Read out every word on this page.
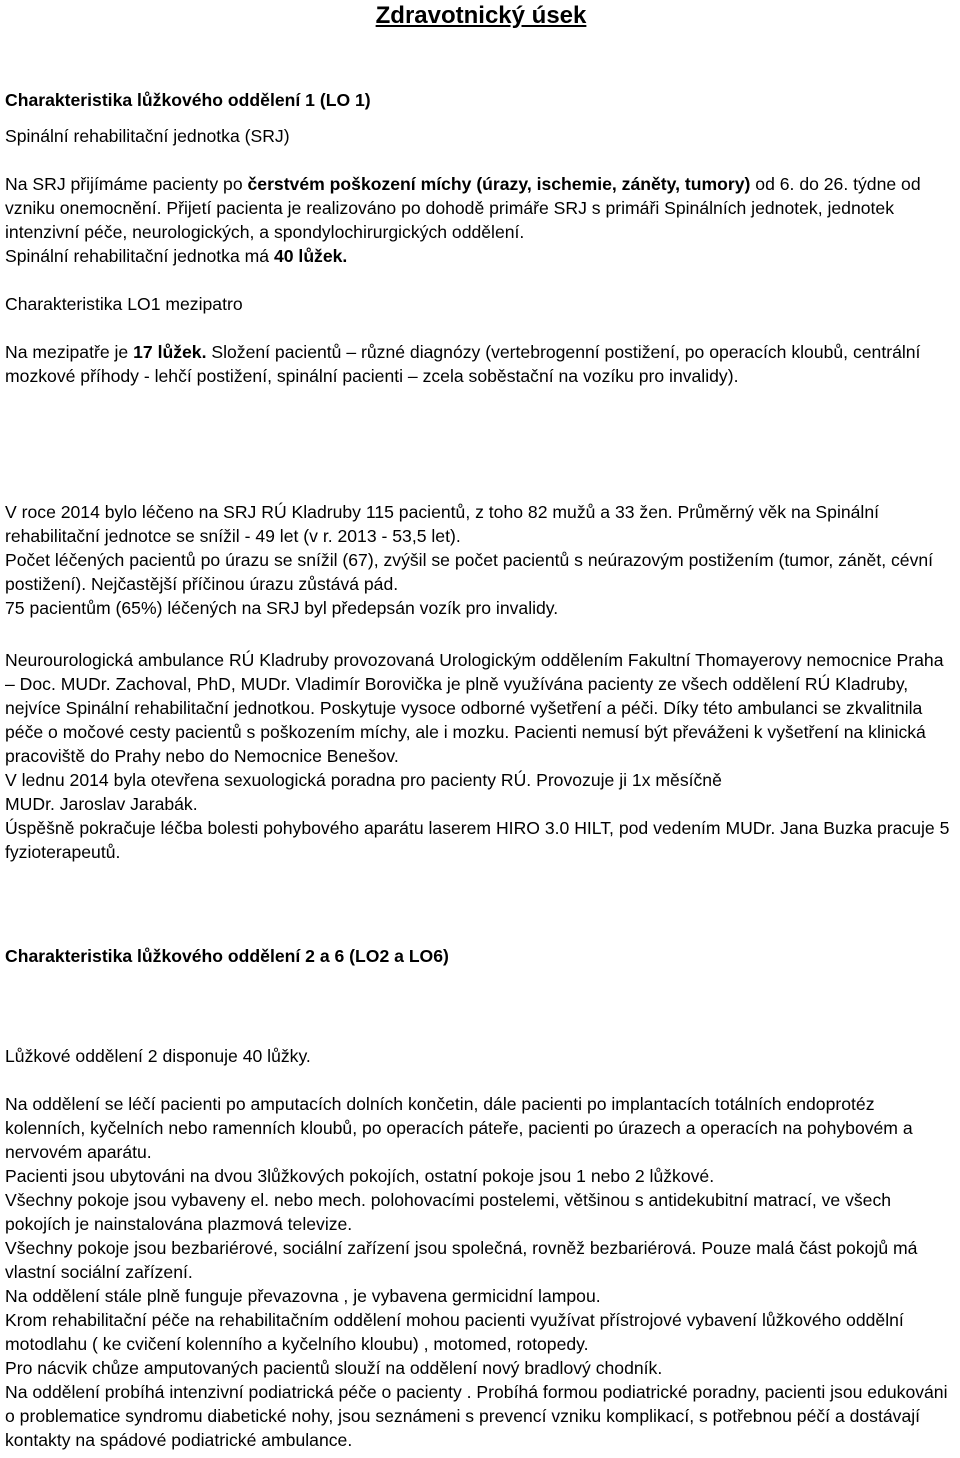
Zdravotnický úsek
Charakteristika lůžkového oddělení 1 (LO 1)
Spinální rehabilitační jednotka (SRJ)

Na SRJ přijímáme pacienty po čerstvém poškození míchy (úrazy, ischemie, záněty, tumory) od 6. do 26. týdne od vzniku onemocnění. Přijetí pacienta je realizováno po dohodě primáře SRJ s primáři Spinálních jednotek, jednotek intenzivní péče, neurologických, a spondylochirurgických oddělení.

Spinální rehabilitační jednotka má 40 lůžek.

Charakteristika LO1 mezipatro

Na mezipatře je 17 lůžek. Složení pacientů – různé diagnózy (vertebrogenní postižení, po operacích kloubů, centrální mozkové příhody - lehčí postižení, spinální pacienti – zcela soběstační na vozíku pro invalidy).

V roce 2014 bylo léčeno na SRJ RÚ Kladruby 115 pacientů, z toho 82 mužů a 33 žen. Průměrný věk na Spinální rehabilitační jednotce se snížil - 49 let (v r. 2013 - 53,5 let).

Počet léčených pacientů po úrazu se snížil (67), zvýšil se počet pacientů s neúrazovým postižením (tumor, zánět, cévní postižení). Nejčastější příčinou úrazu zůstává pád.

75 pacientům (65%) léčených na SRJ byl předepsán vozík pro invalidy.

Neurourologická ambulance RÚ Kladruby provozovaná Urologickým oddělením Fakultní Thomayerovy nemocnice Praha – Doc. MUDr. Zachoval, PhD, MUDr. Vladimír Borovička je plně využívána pacienty ze všech oddělení RÚ Kladruby, nejvíce Spinální rehabilitační jednotkou. Poskytuje vysoce odborné vyšetření a péči. Díky této ambulanci se zkvalitnila péče o močové cesty pacientů s poškozením míchy, ale i mozku. Pacienti nemusí být převáženi k vyšetření na klinická pracoviště do Prahy nebo do Nemocnice Benešov.

V lednu 2014 byla otevřena sexuologická poradna pro pacienty RÚ. Provozuje ji 1x měsíčně

MUDr. Jaroslav Jarabák.

Úspěšně pokračuje léčba bolesti pohybového aparátu laserem HIRO 3.0 HILT, pod vedením MUDr. Jana Buzka pracuje 5 fyzioterapeutů.

Charakteristika lůžkového oddělení 2 a 6 (LO2 a LO6)
Lůžkové oddělení 2 disponuje 40 lůžky.

Na oddělení se léčí pacienti po amputacích dolních končetin, dále pacienti po implantacích totálních endoprotéz kolenních, kyčelních nebo ramenních kloubů, po operacích páteře, pacienti po úrazech a operacích na pohybovém a nervovém aparátu.

Pacienti jsou ubytováni na dvou 3lůžkových pokojích, ostatní pokoje jsou 1 nebo 2 lůžkové.

Všechny pokoje jsou vybaveny el. nebo mech. polohovacími postelemi, většinou s antidekubitní matrací, ve všech pokojích je nainstalována plazmová televize.

Všechny pokoje jsou bezbariérové, sociální zařízení jsou společná, rovněž bezbariérová. Pouze malá část pokojů má vlastní sociální zařízení.

Na oddělení stále plně funguje převazovna , je vybavena germicidní lampou.

Krom rehabilitační péče na rehabilitačním oddělení mohou pacienti využívat přístrojové vybavení lůžkového oddělní motodlahu ( ke cvičení kolenního a kyčelního kloubu) , motomed, rotopedy.

Pro nácvik chůze amputovaných pacientů slouží na oddělení nový bradlový chodník.

Na oddělení probíhá intenzivní podiatrická péče o pacienty . Probíhá formou podiatrické poradny, pacienti jsou edukováni o problematice syndromu diabetické nohy, jsou seznámeni s prevencí vzniku komplikací, s potřebnou péčí a dostávají kontakty na spádové podiatrické ambulance.
